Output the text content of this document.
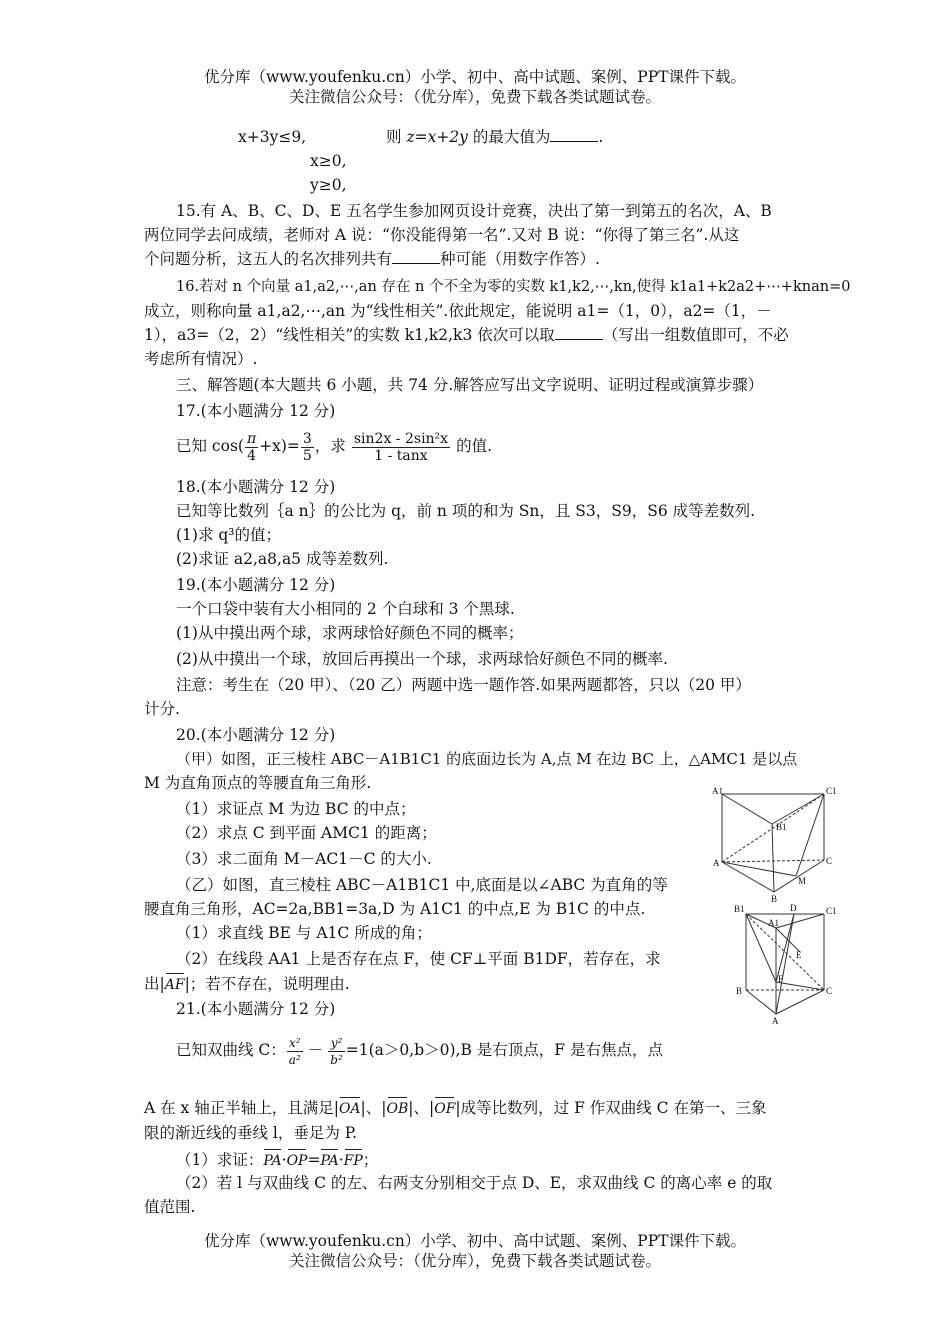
优分库（www.youfenku.cn）小学、初中、高中试题、案例、PPT课件下载。
关注微信公众号：（优分库），免费下载各类试题试卷。
x+3y≤9,	则 z=x+2y 的最大值为	.
x≥0,
y≥0,
15.有 A、B、C、D、E 五名学生参加网页设计竞赛，决出了第一到第五的名次，A、B
两位同学去问成绩，老师对 A 说：“你没能得第一名”.又对 B 说：“你得了第三名”.从这
个问题分析，这五人的名次排列共有	种可能（用数字作答）.
16.若对 n 个向量 a1,a2,⋯,an 存在 n 个不全为零的实数 k1,k2,⋯,kn,使得 k1a1+k2a2+⋯+knan=0
成立，则称向量 a1,a2,⋯,an 为“线性相关”.依此规定，能说明 a1=（1，0），a2=（1，－
1），a3=（2，2）“线性相关”的实数 k1,k2,k3 依次可以取	（写出一组数值即可，不必
考虑所有情况）.
三、解答题(本大题共 6 小题，共 74 分.解答应写出文字说明、证明过程或演算步骤）
17.(本小题满分 12 分)
已知 $\cos( \frac{\pi}{4} +x)= \frac{3}{5}$ ，求 $\frac{\text{sin2x - 2sin²x}}{1 - \tan x}$ 的值.
18.(本小题满分 12 分)
已知等比数列｛a n｝的公比为 q，前 n 项的和为 Sn，且 S3，S9，S6 成等差数列.
(1)求 q³的值；
(2)求证 a2,a8,a5 成等差数列.
19.(本小题满分 12 分)
一个口袋中装有大小相同的 2 个白球和 3 个黑球.
(1)从中摸出两个球，求两球恰好颜色不同的概率；
(2)从中摸出一个球，放回后再摸出一个球，求两球恰好颜色不同的概率.
注意：考生在（20 甲）、（20 乙）两题中选一题作答.如果两题都答，只以（20 甲）
计分.
20.(本小题满分 12 分)
（甲）如图，正三棱柱 ABC－A1B1C1 的底面边长为 A,点 M 在边 BC 上，△AMC1 是以点
M 为直角顶点的等腰直角三角形.
（1）求证点 M 为边 BC 的中点；
（2）求点 C 到平面 AMC1 的距离；
（3）求二面角 M－AC1－C 的大小.
（乙）如图，直三棱柱 ABC－A1B1C1 中,底面是以∠ABC 为直角的等
腰直角三角形，AC=2a,BB1=3a,D 为 A1C1 的中点,E 为 B1C 的中点.
（1）求直线 BE 与 A1C 所成的角；
（2）在线段 AA1 上是否存在点 F，使 CF⊥平面 B1DF，若存在，求
出|AF|；若不存在，说明理由.
A1	C1
B1
A	C
M
B
B1	D	C1
A1
E
F
B	C
A
21.(本小题满分 12 分)
已知双曲线 C： $\frac{\text{x²}}{\text{a²}} - \frac{\text{y²}}{\text{b²}} =1(a>0,b>0),B$ 是右顶点，F 是右焦点，点
A 在 x 轴正半轴上，且满足|OA|、|OB|、|OF|成等比数列，过 F 作双曲线 C 在第一、三象
限的渐近线的垂线 l，垂足为 P.
（1）求证：PA·OP=PA·FP；
（2）若 l 与双曲线 C 的左、右两支分别相交于点 D、E，求双曲线 C 的离心率 e 的取
值范围.
优分库（www.youfenku.cn）小学、初中、高中试题、案例、PPT课件下载。
关注微信公众号：（优分库），免费下载各类试题试卷。
